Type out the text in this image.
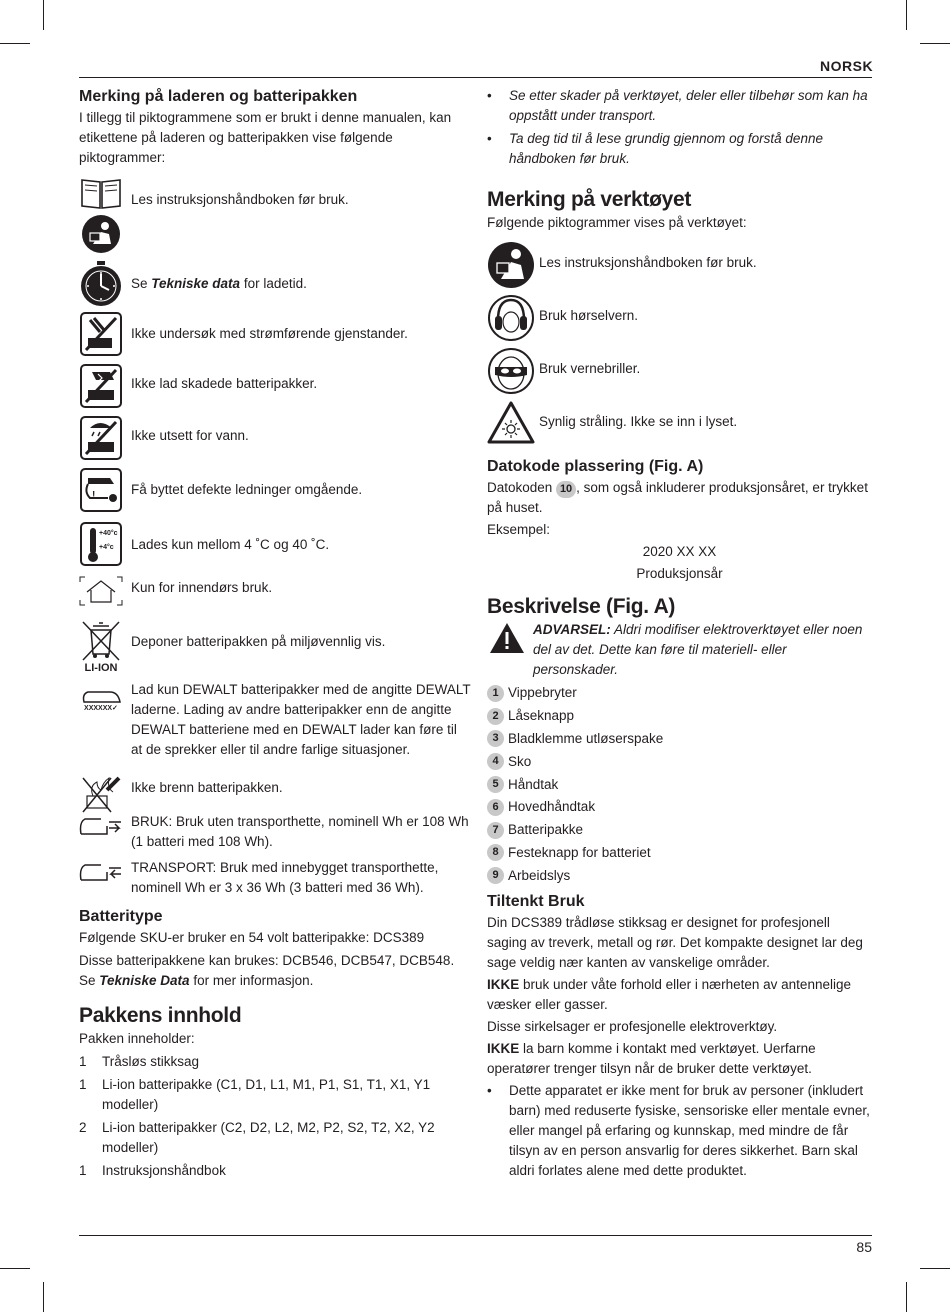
NORSK
Merking på laderen og batteripakken

I tillegg til piktogrammene som er brukt i denne manualen, kan etikettene på laderen og batteripakken vise følgende piktogrammer:

Les instruksjonshåndboken før bruk.
Se Tekniske data for ladetid.
Ikke undersøk med strømførende gjenstander.
Ikke lad skadede batteripakker.
Ikke utsett for vann.
!	Få byttet defekte ledninger omgående.
+40°c
+4°c Lades kun mellom 4 ˚C og 40 ˚C.
Kun for innendørs bruk.
LI-ION
Deponer batteripakken på miljøvennlig vis.
XXXXXX✓
Lad kun DEWALT batteripakker med de angitte DEWALT laderne. Lading av andre batteripakker enn de angitte DEWALT batteriene med en DEWALT lader kan føre til at de sprekker eller til andre farlige situasjoner.
Ikke brenn batteripakken.
BRUK: Bruk uten transporthette, nominell Wh er 108 Wh (1 batteri med 108 Wh).
TRANSPORT: Bruk med innebygget transporthette, nominell Wh er 3 x 36 Wh (3 batteri med 36 Wh).
Batteritype

Følgende SKU-er bruker en 54 volt batteripakke: DCS389

Disse batteripakkene kan brukes: DCB546, DCB547, DCB548. Se Tekniske Data for mer informasjon.

Pakkens innhold

Pakken inneholder:

1	Tråsløs stikksag
1	Li-ion batteripakke (C1, D1, L1, M1, P1, S1, T1, X1, Y1 modeller)
2	Li-ion batteripakker (C2, D2, L2, M2, P2, S2, T2, X2, Y2 modeller)
1	Instruksjonshåndbok
•	Se etter skader på verktøyet, deler eller tilbehør som kan ha oppstått under transport.
•	Ta deg tid til å lese grundig gjennom og forstå denne håndboken før bruk.
Merking på verktøyet

Følgende piktogrammer vises på verktøyet:

Les instruksjonshåndboken før bruk.
Bruk hørselvern.
Bruk vernebriller.
Synlig stråling. Ikke se inn i lyset.
Datokode plassering (Fig. A)

Datokoden 10 , som også inkluderer produksjonsåret, er trykket på huset.

Eksempel:

2020 XX XX

Produksjonsår

Beskrivelse (Fig. A)
ADVARSEL: Aldri modifiser elektroverktøyet eller noen del av det. Dette kan føre til materiell- eller personskader.
1 Vippebryter
2 Låseknapp
3 Bladklemme utløserspake
4 Sko
5 Håndtak
6 Hovedhåndtak
7 Batteripakke
8 Festeknapp for batteriet
9 Arbeidslys
Tiltenkt Bruk

Din DCS389 trådløse stikksag er designet for profesjonell saging av treverk, metall og rør. Det kompakte designet lar deg sage veldig nær kanten av vanskelige områder.

IKKE bruk under våte forhold eller i nærheten av antennelige væsker eller gasser.

Disse sirkelsager er profesjonelle elektroverktøy.

IKKE la barn komme i kontakt med verktøyet. Uerfarne operatører trenger tilsyn når de bruker dette verktøyet.

•	Dette apparatet er ikke ment for bruk av personer (inkludert barn) med reduserte fysiske, sensoriske eller mentale evner, eller mangel på erfaring og kunnskap, med mindre de får tilsyn av en person ansvarlig for deres sikkerhet. Barn skal aldri forlates alene med dette produktet.
85
